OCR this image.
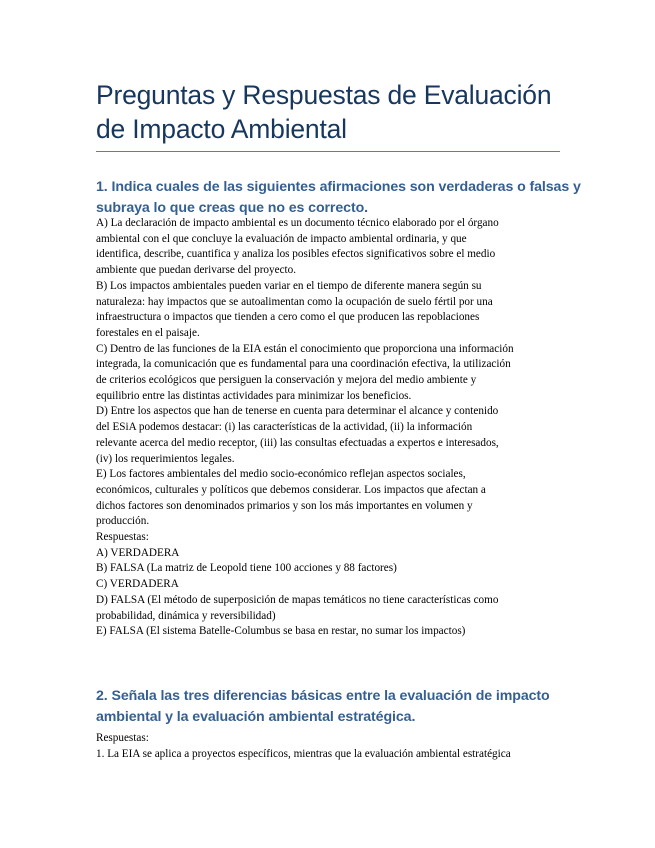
Preguntas y Respuestas de Evaluación
de Impacto Ambiental
1. Indica cuales de las siguientes afirmaciones son verdaderas o falsas y
subraya lo que creas que no es correcto.
A) La declaración de impacto ambiental es un documento técnico elaborado por el órgano
ambiental con el que concluye la evaluación de impacto ambiental ordinaria, y que
identifica, describe, cuantifica y analiza los posibles efectos significativos sobre el medio
ambiente que puedan derivarse del proyecto.
B) Los impactos ambientales pueden variar en el tiempo de diferente manera según su
naturaleza: hay impactos que se autoalimentan como la ocupación de suelo fértil por una
infraestructura o impactos que tienden a cero como el que producen las repoblaciones
forestales en el paisaje.
C) Dentro de las funciones de la EIA están el conocimiento que proporciona una información
integrada, la comunicación que es fundamental para una coordinación efectiva, la utilización
de criterios ecológicos que persiguen la conservación y mejora del medio ambiente y
equilibrio entre las distintas actividades para minimizar los beneficios.
D) Entre los aspectos que han de tenerse en cuenta para determinar el alcance y contenido
del ESiA podemos destacar: (i) las características de la actividad, (ii) la información
relevante acerca del medio receptor, (iii) las consultas efectuadas a expertos e interesados,
(iv) los requerimientos legales.
E) Los factores ambientales del medio socio-económico reflejan aspectos sociales,
económicos, culturales y políticos que debemos considerar. Los impactos que afectan a
dichos factores son denominados primarios y son los más importantes en volumen y
producción.
Respuestas:
A) VERDADERA
B) FALSA (La matriz de Leopold tiene 100 acciones y 88 factores)
C) VERDADERA
D) FALSA (El método de superposición de mapas temáticos no tiene características como
probabilidad, dinámica y reversibilidad)
E) FALSA (El sistema Batelle-Columbus se basa en restar, no sumar los impactos)
2. Señala las tres diferencias básicas entre la evaluación de impacto
ambiental y la evaluación ambiental estratégica.
Respuestas:
1. La EIA se aplica a proyectos específicos, mientras que la evaluación ambiental estratégica
